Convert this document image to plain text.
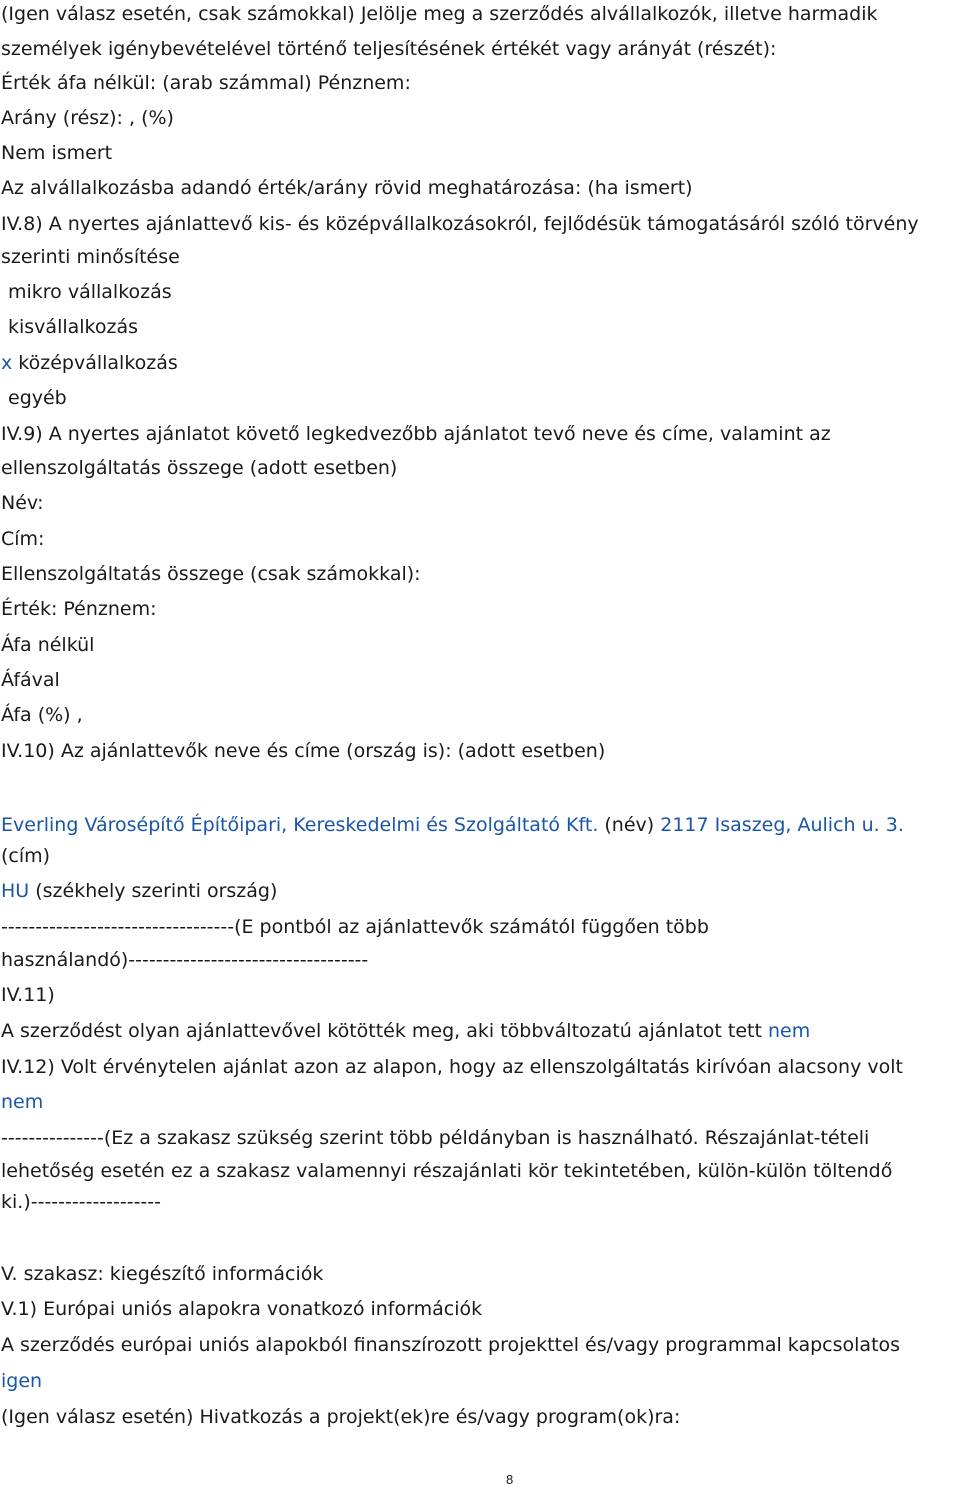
(Igen válasz esetén, csak számokkal) Jelölje meg a szerződés alvállalkozók, illetve harmadik
személyek igénybevételével történő teljesítésének értékét vagy arányát (részét):
Érték áfa nélkül: (arab számmal) Pénznem:
Arány (rész): , (%)
Nem ismert
Az alvállalkozásba adandó érték/arány rövid meghatározása: (ha ismert)
IV.8) A nyertes ajánlattevő kis- és középvállalkozásokról, fejlődésük támogatásáról szóló törvény
szerinti minősítése
mikro vállalkozás
kisvállalkozás
x középvállalkozás
egyéb
IV.9) A nyertes ajánlatot követő legkedvezőbb ajánlatot tevő neve és címe, valamint az
ellenszolgáltatás összege (adott esetben)
Név:
Cím:
Ellenszolgáltatás összege (csak számokkal):
Érték: Pénznem:
Áfa nélkül
Áfával
Áfa (%) ,
IV.10) Az ajánlattevők neve és címe (ország is): (adott esetben)
Everling Városépítő Építőipari, Kereskedelmi és Szolgáltató Kft. (név) 2117 Isaszeg, Aulich u. 3.
(cím)
HU (székhely szerinti ország)
----------------------------------(E pontból az ajánlattevők számától függően több
használandó)-----------------------------------
IV.11)
A szerződést olyan ajánlattevővel kötötték meg, aki többváltozatú ajánlatot tett nem
IV.12) Volt érvénytelen ajánlat azon az alapon, hogy az ellenszolgáltatás kirívóan alacsony volt
nem
---------------(Ez a szakasz szükség szerint több példányban is használható. Részajánlat-tételi
lehetőség esetén ez a szakasz valamennyi részajánlati kör tekintetében, külön-külön töltendő
ki.)-------------------
V. szakasz: kiegészítő információk
V.1) Európai uniós alapokra vonatkozó információk
A szerződés európai uniós alapokból finanszírozott projekttel és/vagy programmal kapcsolatos
igen
(Igen válasz esetén) Hivatkozás a projekt(ek)re és/vagy program(ok)ra:
8
